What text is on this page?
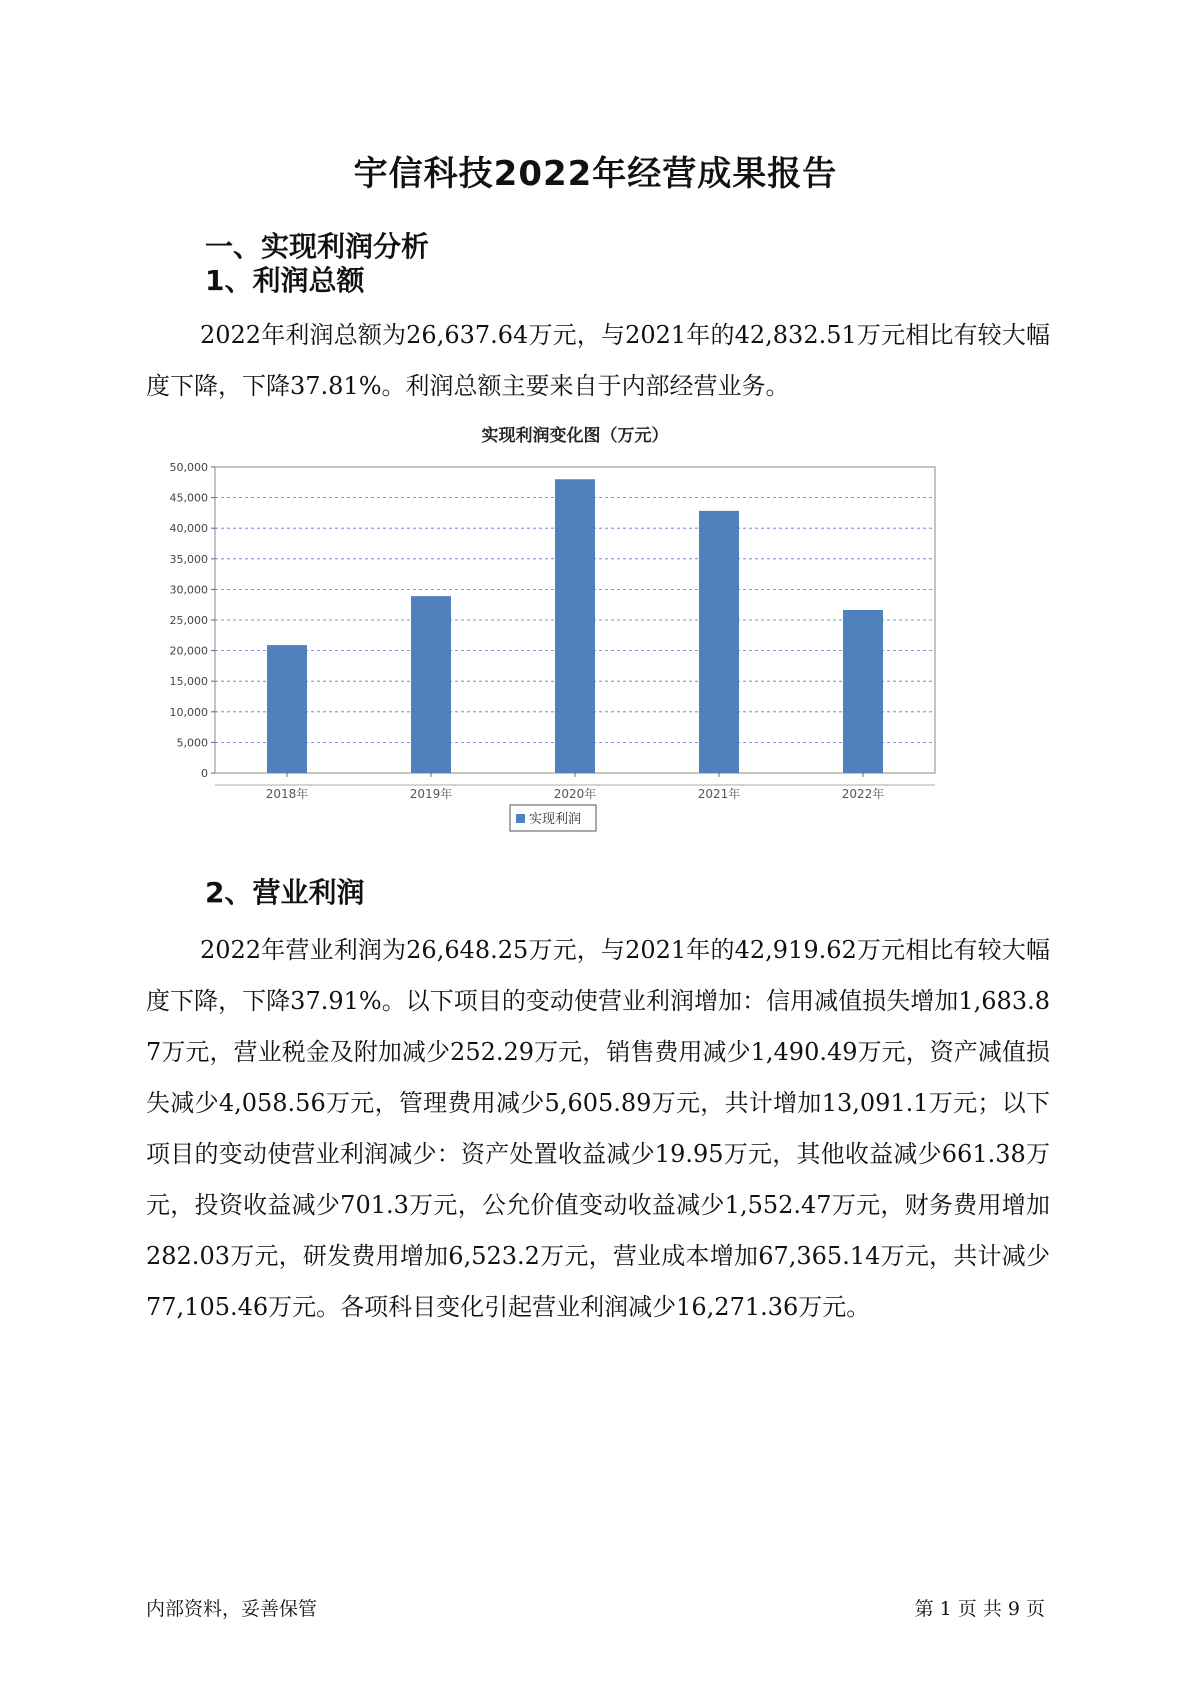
宇信科技2022年经营成果报告
一、实现利润分析
1、利润总额

2022年利润总额为26,637.64万元，与2021年的42,832.51万元相比有较大幅度下降，下降37.81%。利润总额主要来自于内部经营业务。

实现利润变化图（万元）
0
5,000
10,000
15,000
20,000
25,000
30,000
35,000
40,000
45,000
50,000
2018年	2019年	2020年	2021年	2022年
实现利润
2、营业利润

2022年营业利润为26,648.25万元，与2021年的42,919.62万元相比有较大幅度下降，下降37.91%。以下项目的变动使营业利润增加：信用减值损失增加1,683.87万元，营业税金及附加减少252.29万元，销售费用减少1,490.49万元，资产减值损失减少4,058.56万元，管理费用减少5,605.89万元，共计增加13,091.1万元；以下项目的变动使营业利润减少：资产处置收益减少19.95万元，其他收益减少661.38万元，投资收益减少701.3万元，公允价值变动收益减少1,552.47万元，财务费用增加282.03万元，研发费用增加6,523.2万元，营业成本增加67,365.14万元，共计减少77,105.46万元。各项科目变化引起营业利润减少16,271.36万元。

内部资料，妥善保管	第 1 页 共 9 页
